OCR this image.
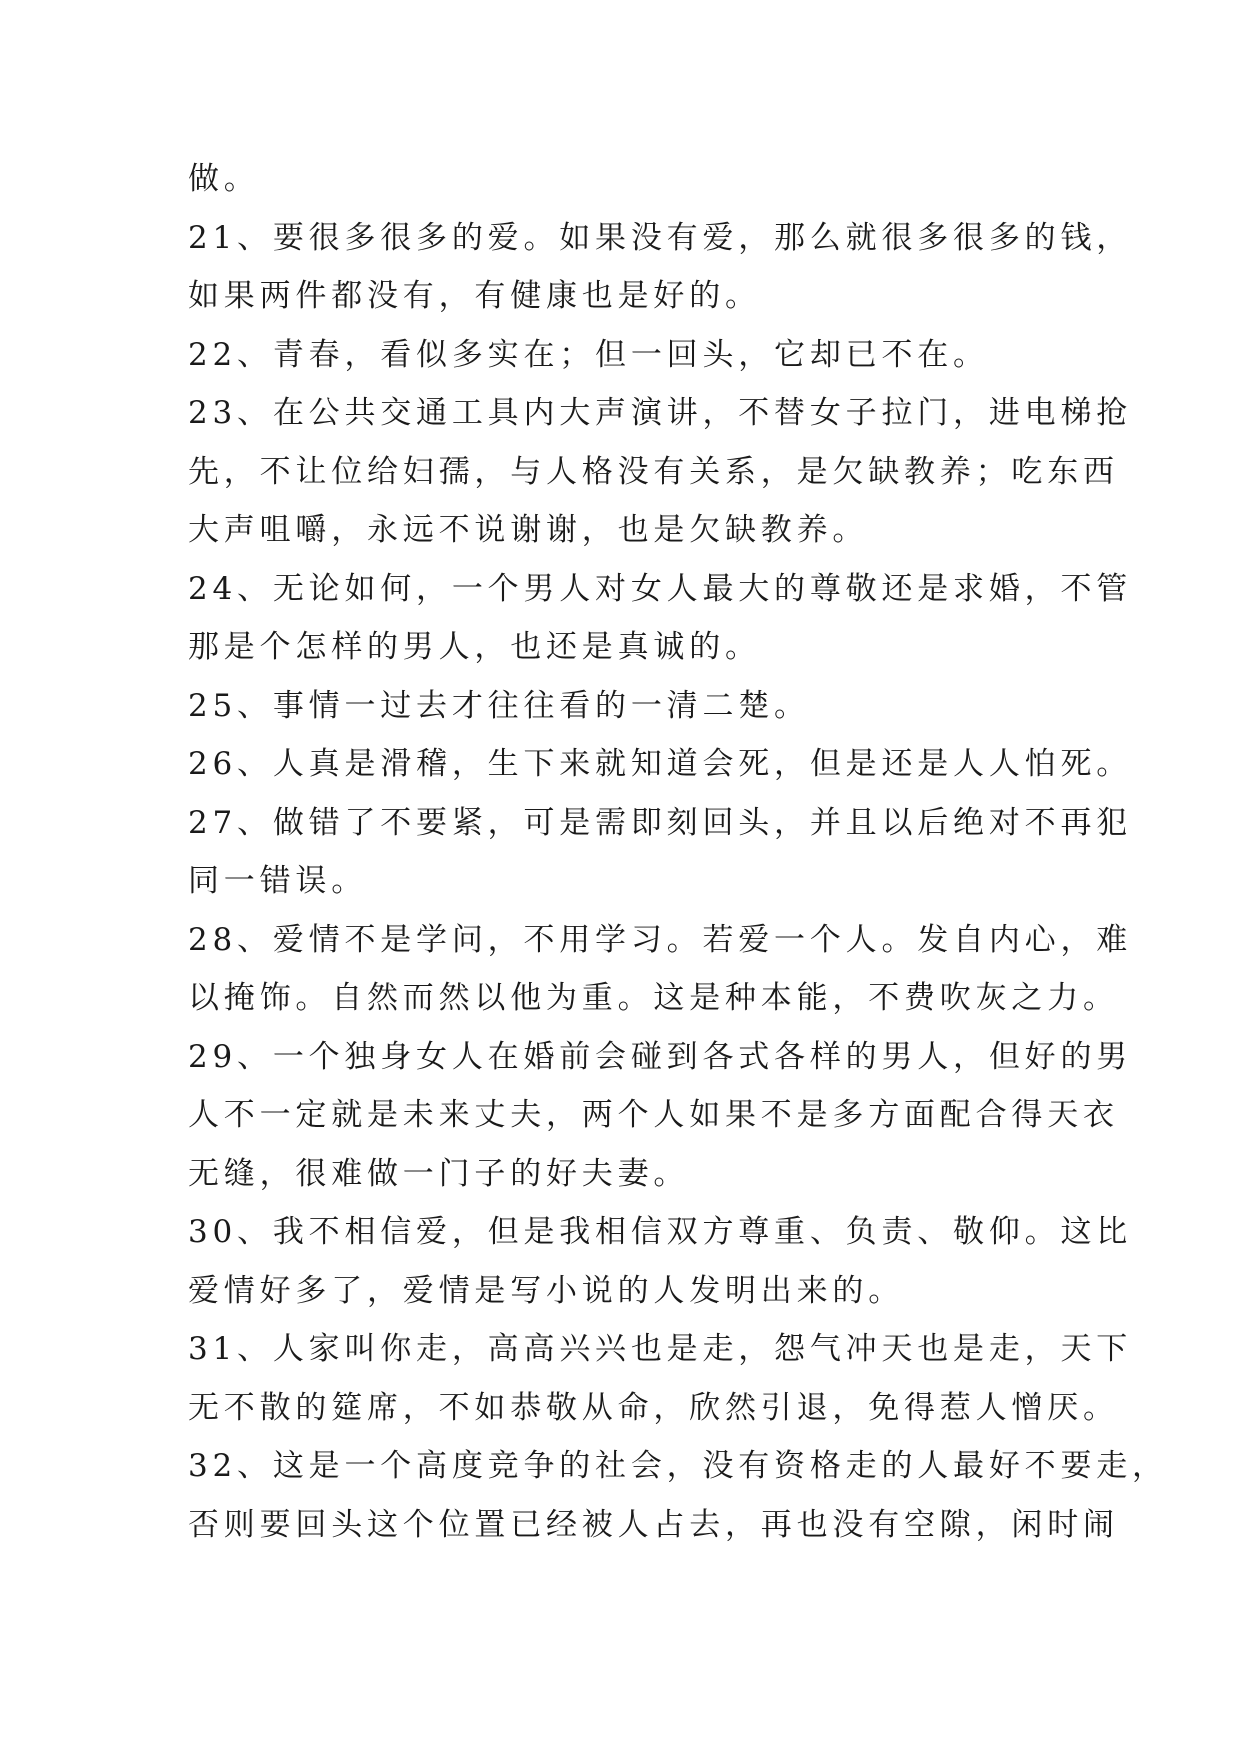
做。
21、要很多很多的爱。如果没有爱，那么就很多很多的钱，
如果两件都没有，有健康也是好的。
22、青春，看似多实在；但一回头，它却已不在。
23、在公共交通工具内大声演讲，不替女子拉门，进电梯抢
先，不让位给妇孺，与人格没有关系，是欠缺教养；吃东西
大声咀嚼，永远不说谢谢，也是欠缺教养。
24、无论如何，一个男人对女人最大的尊敬还是求婚，不管
那是个怎样的男人，也还是真诚的。
25、事情一过去才往往看的一清二楚。
26、人真是滑稽，生下来就知道会死，但是还是人人怕死。
27、做错了不要紧，可是需即刻回头，并且以后绝对不再犯
同一错误。
28、爱情不是学问，不用学习。若爱一个人。发自内心，难
以掩饰。自然而然以他为重。这是种本能，不费吹灰之力。
29、一个独身女人在婚前会碰到各式各样的男人，但好的男
人不一定就是未来丈夫，两个人如果不是多方面配合得天衣
无缝，很难做一门子的好夫妻。
30、我不相信爱，但是我相信双方尊重、负责、敬仰。这比
爱情好多了，爱情是写小说的人发明出来的。
31、人家叫你走，高高兴兴也是走，怨气冲天也是走，天下
无不散的筵席，不如恭敬从命，欣然引退，免得惹人憎厌。
32、这是一个高度竞争的社会，没有资格走的人最好不要走，
否则要回头这个位置已经被人占去，再也没有空隙，闲时闹
